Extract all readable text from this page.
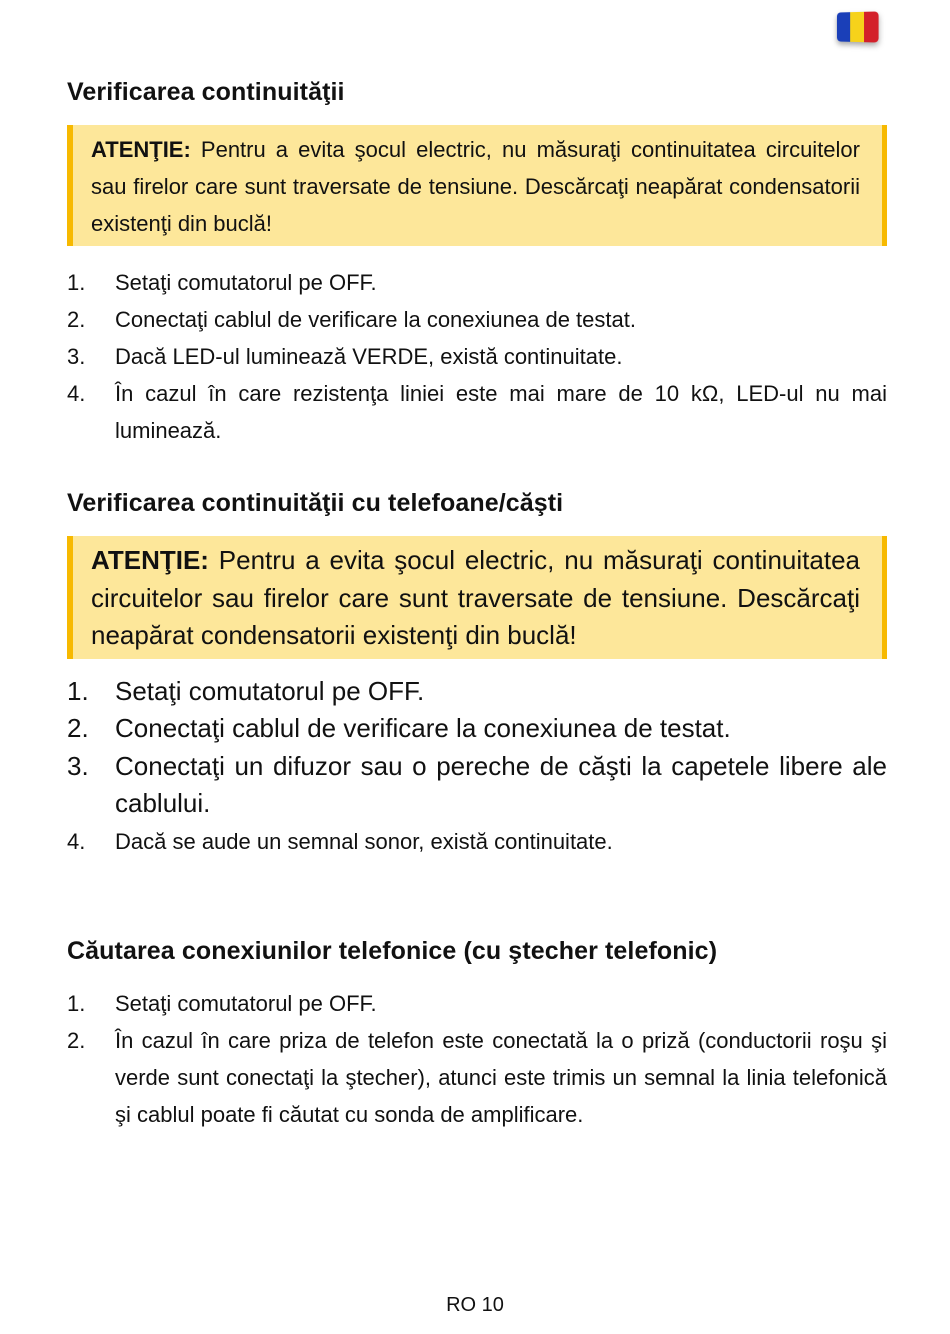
Verificarea continuităţii
ATENŢIE: Pentru a evita şocul electric, nu măsuraţi continuitatea circuitelor sau firelor care sunt traversate de tensiune. Descărcaţi neapărat condensatorii existenţi din buclă!
1. Setaţi comutatorul pe OFF.
2. Conectaţi cablul de verificare la conexiunea de testat.
3. Dacă LED-ul luminează VERDE, există continuitate.
4. În cazul în care rezistenţa liniei este mai mare de 10 kΩ, LED-ul nu mai luminează.
Verificarea continuităţii cu telefoane/căşti
ATENŢIE: Pentru a evita şocul electric, nu măsuraţi continuitatea circuitelor sau firelor care sunt traversate de tensiune. Descărcaţi neapărat condensatorii existenţi din buclă!
1. Setaţi comutatorul pe OFF.
2. Conectaţi cablul de verificare la conexiunea de testat.
3. Conectaţi un difuzor sau o pereche de căşti la capetele libere ale cablului.
4. Dacă se aude un semnal sonor, există continuitate.
Căutarea conexiunilor telefonice (cu ştecher telefonic)
1. Setaţi comutatorul pe OFF.
2. În cazul în care priza de telefon este conectată la o priză (conductorii roşu şi verde sunt conectaţi la ştecher), atunci este trimis un semnal la linia telefonică şi cablul poate fi căutat cu sonda de amplificare.
RO 10
